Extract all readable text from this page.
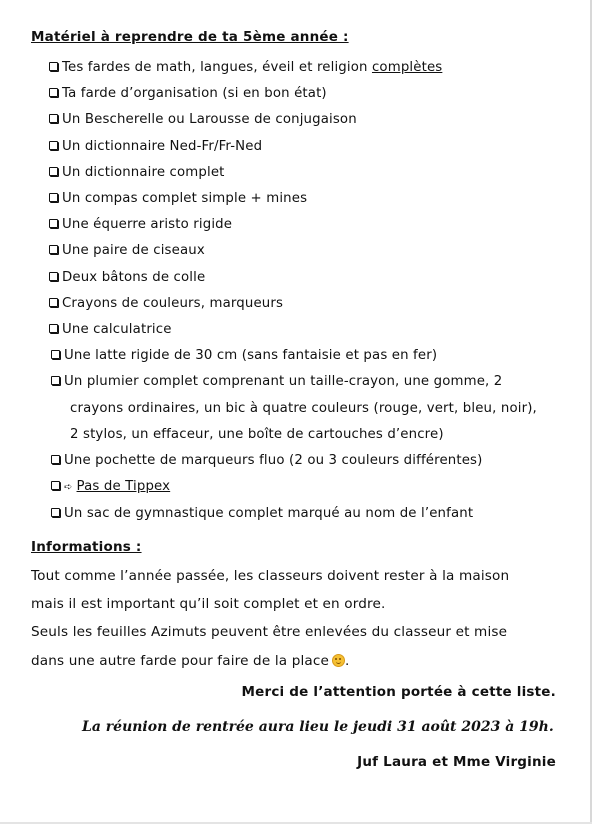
Matériel à reprendre de ta 5ème année :
Tes fardes de math, langues, éveil et religion complètes
Ta farde d’organisation (si en bon état)
Un Bescherelle ou Larousse de conjugaison
Un dictionnaire Ned-Fr/Fr-Ned
Un dictionnaire complet
Un compas complet simple + mines
Une équerre aristo rigide
Une paire de ciseaux
Deux bâtons de colle
Crayons de couleurs, marqueurs
Une calculatrice
Une latte rigide de 30 cm (sans fantaisie et pas en fer)
Un plumier complet comprenant un taille-crayon, une gomme, 2
crayons ordinaires, un bic à quatre couleurs (rouge, vert, bleu, noir),
2 stylos, un effaceur, une boîte de cartouches d’encre)
Une pochette de marqueurs fluo (2 ou 3 couleurs différentes)
➪ Pas de Tippex
Un sac de gymnastique complet marqué au nom de l’enfant
Informations :

Tout comme l’année passée, les classeurs doivent rester à la maison

mais il est important qu’il soit complet et en ordre.

Seuls les feuilles Azimuts peuvent être enlevées du classeur et mise

dans une autre farde pour faire de la place .

Merci de l’attention portée à cette liste.
La réunion de rentrée aura lieu le jeudi 31 août 2023 à 19h.
Juf Laura et Mme Virginie
